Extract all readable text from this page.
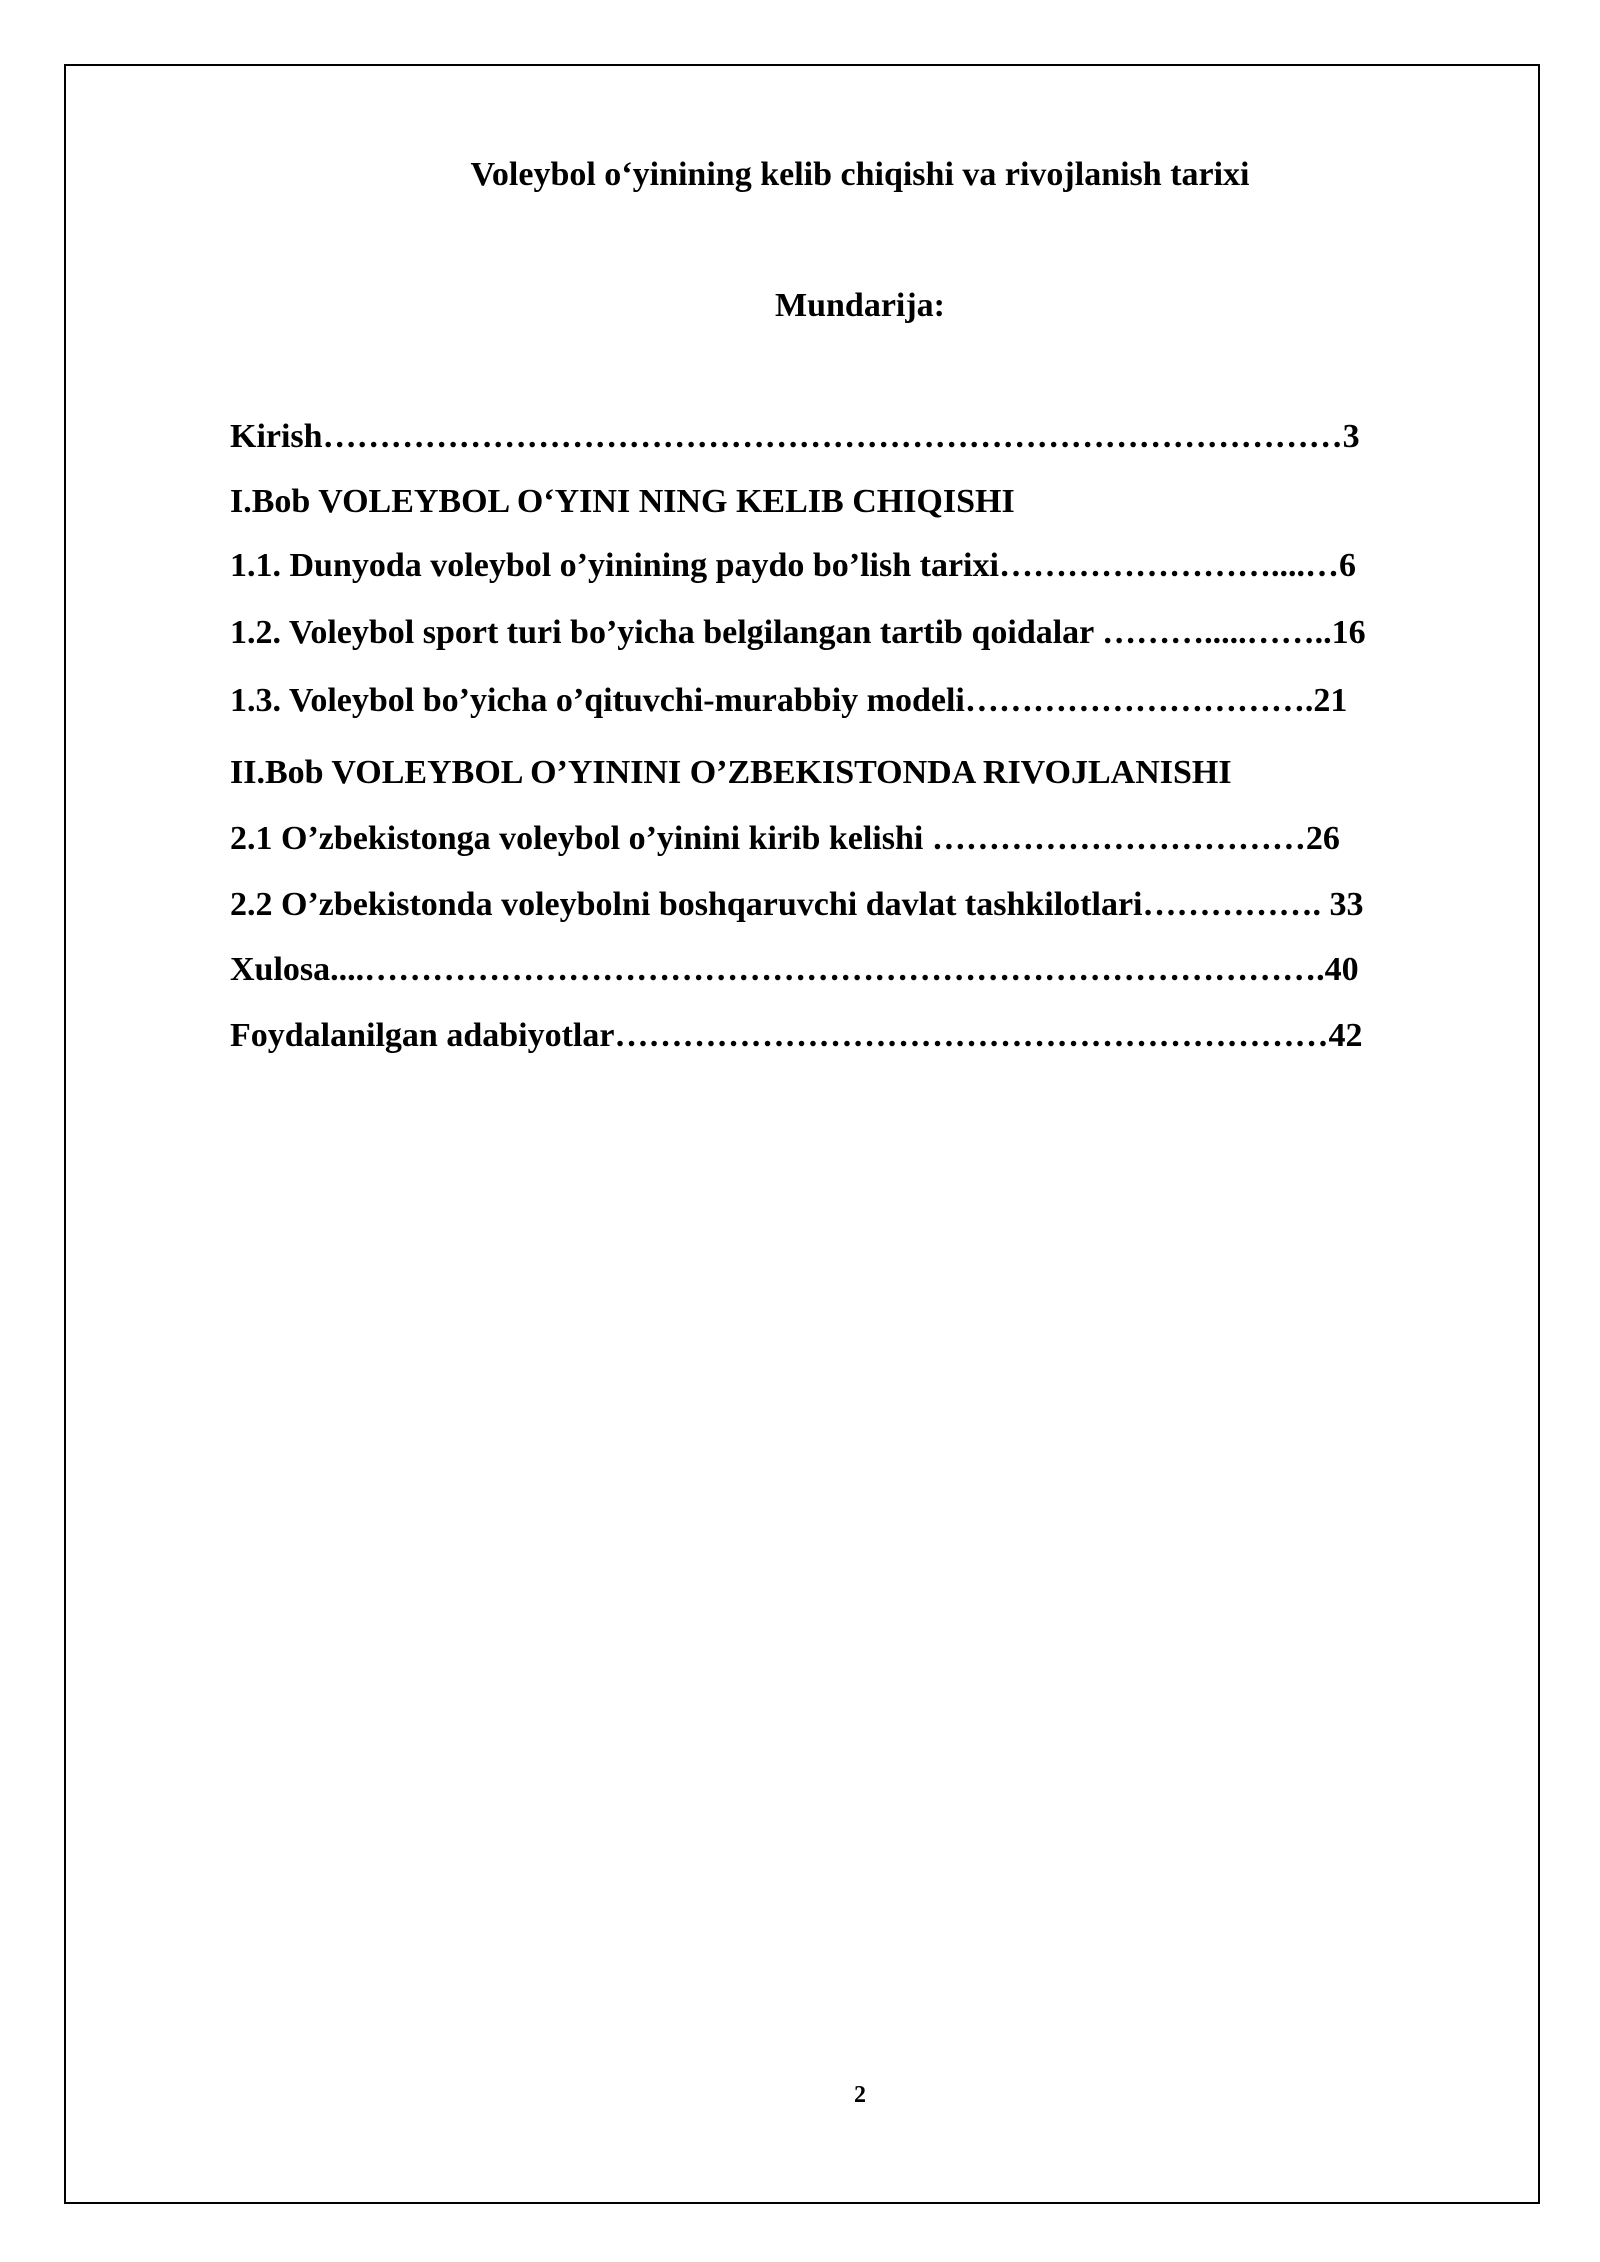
Voleybol o‘yinining kelib chiqishi va rivojlanish tarixi
Mundarija:
Kirish………………………………………………………………………………3
I.Bob VOLEYBOL O‘YINI NING KELIB CHIQISHI
1.1. Dunyoda voleybol o’yinining paydo bo’lish tarixi……………………....…6
1.2. Voleybol sport turi bo’yicha belgilangan tartib qoidalar ……….....……..16
1.3. Voleybol bo’yicha o’qituvchi-murabbiy modeli………………………….21
II.Bob VOLEYBOL O’YININI O’ZBEKISTONDA RIVOJLANISHI
2.1 O’zbekistonga voleybol o’yinini kirib kelishi ……………………………26
2.2 O’zbekistonda voleybolni boshqaruvchi davlat tashkilotlari……………. 33
Xulosa....………………………………………………………………………….40
Foydalanilgan adabiyotlar………………………………………………………42
2
